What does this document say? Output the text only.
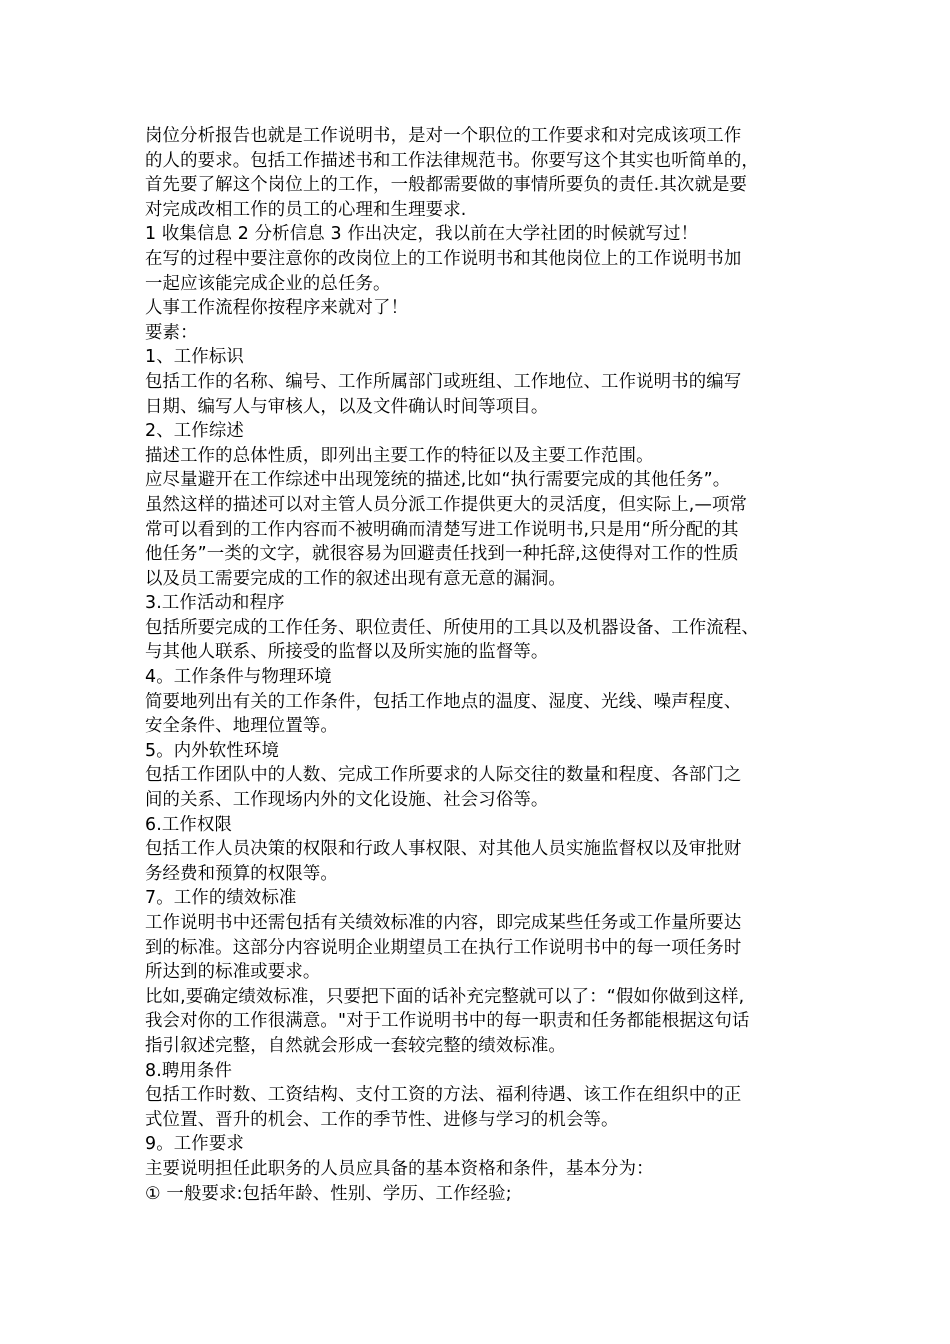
岗位分析报告也就是工作说明书，是对一个职位的工作要求和对完成该项工作

的人的要求。包括工作描述书和工作法律规范书。你要写这个其实也听简单的，

首先要了解这个岗位上的工作，一般都需要做的事情所要负的责任.其次就是要

对完成改相工作的员工的心理和生理要求.

1 收集信息 2 分析信息 3 作出决定，我以前在大学社团的时候就写过！

在写的过程中要注意你的改岗位上的工作说明书和其他岗位上的工作说明书加

一起应该能完成企业的总任务。

人事工作流程你按程序来就对了！

要素：

1、工作标识

包括工作的名称、编号、工作所属部门或班组、工作地位、工作说明书的编写

日期、编写人与审核人，以及文件确认时间等项目。

2、工作综述

描述工作的总体性质，即列出主要工作的特征以及主要工作范围。

应尽量避开在工作综述中出现笼统的描述,比如“执行需要完成的其他任务”。

虽然这样的描述可以对主管人员分派工作提供更大的灵活度，但实际上,—项常

常可以看到的工作内容而不被明确而清楚写进工作说明书,只是用“所分配的其

他任务”一类的文字，就很容易为回避责任找到一种托辞,这使得对工作的性质

以及员工需要完成的工作的叙述出现有意无意的漏洞。

3.工作活动和程序

包括所要完成的工作任务、职位责任、所使用的工具以及机器设备、工作流程、

与其他人联系、所接受的监督以及所实施的监督等。

4。工作条件与物理环境

简要地列出有关的工作条件，包括工作地点的温度、湿度、光线、噪声程度、

安全条件、地理位置等。

5。内外软性环境

包括工作团队中的人数、完成工作所要求的人际交往的数量和程度、各部门之

间的关系、工作现场内外的文化设施、社会习俗等。

6.工作权限

包括工作人员决策的权限和行政人事权限、对其他人员实施监督权以及审批财

务经费和预算的权限等。

7。工作的绩效标准

工作说明书中还需包括有关绩效标准的内容，即完成某些任务或工作量所要达

到的标准。这部分内容说明企业期望员工在执行工作说明书中的每一项任务时

所达到的标准或要求。

比如,要确定绩效标准，只要把下面的话补充完整就可以了：“假如你做到这样,

我会对你的工作很满意。"对于工作说明书中的每一职责和任务都能根据这句话

指引叙述完整，自然就会形成一套较完整的绩效标准。

8.聘用条件

包括工作时数、工资结构、支付工资的方法、福利待遇、该工作在组织中的正

式位置、晋升的机会、工作的季节性、进修与学习的机会等。

9。工作要求

主要说明担任此职务的人员应具备的基本资格和条件，基本分为：

① 一般要求:包括年龄、性别、学历、工作经验;
